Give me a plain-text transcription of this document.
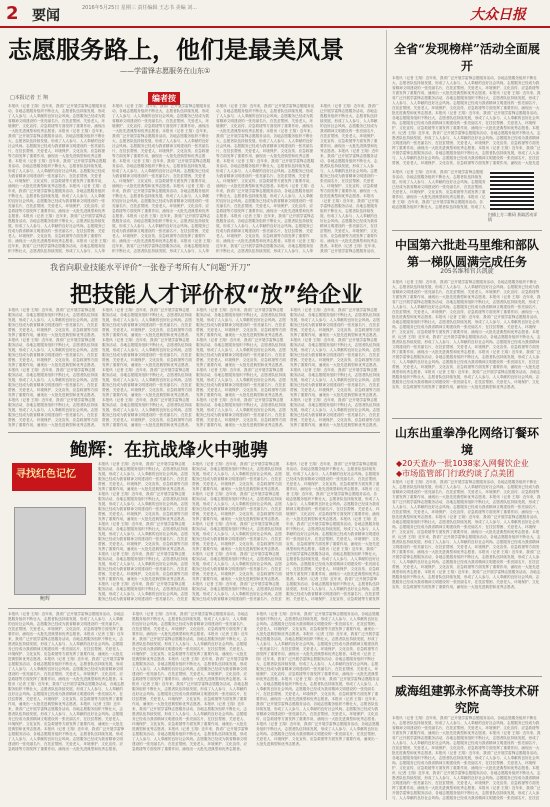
2 要闻	2016年5月25日 星期三 责任编辑 王志书 美编 刘...	大众日报
志愿服务路上，他们是最美风景
——学雷锋志愿服务在山东①
□本报记者 王 翔	编者按
本报讯（记者 王翔）近年来，我省广泛开展学雷锋志愿服务活动，各地志愿服务组织不断壮大，志愿者队伍持续发展，形成了人人参与、人人奉献的良好社会风尚。志愿服务已经成为我省精神文明建设的一张亮丽名片，在扶贫帮困、关爱老人、环境保护、文化宣传、应急救援等方面发挥了重要作用，涌现出一大批先进典型和优秀志愿者。本报讯（记者 王翔）近年来，我省广泛开展学雷锋志愿服务活动，各地志愿服务组织不断壮大，志愿者队伍持续发展，形成了人人参与、人人奉献的良好社会风尚。志愿服务已经成为我省精神文明建设的一张亮丽名片，在扶贫帮困、关爱老人、环境保护、文化宣传、应急救援等方面发挥了重要作用，涌现出一大批先进典型和优秀志愿者。本报讯（记者 王翔）近年来，我省广泛开展学雷锋志愿服务活动，各地志愿服务组织不断壮大，志愿者队伍持续发展，形成了人人参与、人人奉献的良好社会风尚。志愿服务已经成为我省精神文明建设的一张亮丽名片，在扶贫帮困、关爱老人、环境保护、文化宣传、应急救援等方面发挥了重要作用，涌现出一大批先进典型和优秀志愿者。本报讯（记者 王翔）近年来，我省广泛开展学雷锋志愿服务活动，各地志愿服务组织不断壮大，志愿者队伍持续发展，形成了人人参与、人人奉献的良好社会风尚。志愿服务已经成为我省精神文明建设的一张亮丽名片，在扶贫帮困、关爱老人、环境保护、文化宣传、应急救援等方面发挥了重要作用，涌现出一大批先进典型和优秀志愿者。本报讯（记者 王翔）近年来，我省广泛开展学雷锋志愿服务活动，各地志愿服务组织不断壮大，志愿者队伍持续发展，形成了人人参与、人人奉献的良好社会风尚。志愿服务已经成为我省精神文明建设的一张亮丽名片，在扶贫帮困、关爱老人、环境保护、文化宣传、应急救援等方面发挥了重要作用，涌现出一大批先进典型和优秀志愿者。本报讯（记者 王翔）近年来，我省广泛开展学雷锋志愿服务活动，各地志愿服务组织不断壮大，志愿者队伍持续发展，形成了人人参与、人人奉
本报讯（记者 王翔）近年来，我省广泛开展学雷锋志愿服务活动，各地志愿服务组织不断壮大，志愿者队伍持续发展，形成了人人参与、人人奉献的良好社会风尚。志愿服务已经成为我省精神文明建设的一张亮丽名片，在扶贫帮困、关爱老人、环境保护、文化宣传、应急救援等方面发挥了重要作用，涌现出一大批先进典型和优秀志愿者。本报讯（记者 王翔）近年来，我省广泛开展学雷锋志愿服务活动，各地志愿服务组织不断壮大，志愿者队伍持续发展，形成了人人参与、人人奉献的良好社会风尚。志愿服务已经成为我省精神文明建设的一张亮丽名片，在扶贫帮困、关爱老人、环境保护、文化宣传、应急救援等方面发挥了重要作用，涌现出一大批先进典型和优秀志愿者。本报讯（记者 王翔）近年来，我省广泛开展学雷锋志愿服务活动，各地志愿服务组织不断壮大，志愿者队伍持续发展，形成了人人参与、人人奉献的良好社会风尚。志愿服务已经成为我省精神文明建设的一张亮丽名片，在扶贫帮困、关爱老人、环境保护、文化宣传、应急救援等方面发挥了重要作用，涌现出一大批先进典型和优秀志愿者。本报讯（记者 王翔）近年来，我省广泛开展学雷锋志愿服务活动，各地志愿服务组织不断壮大，志愿者队伍持续发展，形成了人人参与、人人奉献的良好社会风尚。志愿服务已经成为我省精神文明建设的一张亮丽名片，在扶贫帮困、关爱老人、环境保护、文化宣传、应急救援等方面发挥了重要作用，涌现出一大批先进典型和优秀志愿者。本报讯（记者 王翔）近年来，我省广泛开展学雷锋志愿服务活动，各地志愿服务组织不断壮大，志愿者队伍持续发展，形成了人人参与、人人奉献的良好社会风尚。志愿服务已经成为我省精神文明建设的一张亮丽名片，在扶贫帮困、关爱老人、环境保护、文化宣传、应急救援等方面发挥了重要作用，涌现出一大批先进典型和优秀志愿者。本报讯（记者 王翔）近年来，我省广泛开展学雷锋志愿服务活动，各地志愿服务组织不断壮大，志愿者队伍持续发展，形成了人人参与、人人奉
本报讯（记者 王翔）近年来，我省广泛开展学雷锋志愿服务活动，各地志愿服务组织不断壮大，志愿者队伍持续发展，形成了人人参与、人人奉献的良好社会风尚。志愿服务已经成为我省精神文明建设的一张亮丽名片，在扶贫帮困、关爱老人、环境保护、文化宣传、应急救援等方面发挥了重要作用，涌现出一大批先进典型和优秀志愿者。本报讯（记者 王翔）近年来，我省广泛开展学雷锋志愿服务活动，各地志愿服务组织不断壮大，志愿者队伍持续发展，形成了人人参与、人人奉献的良好社会风尚。志愿服务已经成为我省精神文明建设的一张亮丽名片，在扶贫帮困、关爱老人、环境保护、文化宣传、应急救援等方面发挥了重要作用，涌现出一大批先进典型和优秀志愿者。本报讯（记者 王翔）近年来，我省广泛开展学雷锋志愿服务活动，各地志愿服务组织不断壮大，志愿者队伍持续发展，形成了人人参与、人人奉献的良好社会风尚。志愿服务已经成为我省精神文明建设的一张亮丽名片，在扶贫帮困、关爱老人、环境保护、文化宣传、应急救援等方面发挥了重要作用，涌现出一大批先进典型和优秀志愿者。本报讯（记者 王翔）近年来，我省广泛开展学雷锋志愿服务活动，各地志愿服务组织不断壮大，志愿者队伍持续发展，形成了人人参与、人人奉献的良好社会风尚。志愿服务已经成为我省精神文明建设的一张亮丽名片，在扶贫帮困、关爱老人、环境保护、文化宣传、应急救援等方面发挥了重要作用，涌现出一大批先进典型和优秀志愿者。本报讯（记者 王翔）近年来，我省广泛开展学雷锋志愿服务活动，各地志愿服务组织不断壮大，志愿者队伍持续发展，形成了人人参与、人人奉献的良好社会风尚。志愿服务已经成为我省精神文明建设的一张亮丽名片，在扶贫帮困、关爱老人、环境保护、文化宣传、应急救援等方面发挥了重要作用，涌现出一大批先进典型和优秀志愿者。本报讯（记者 王翔）近年来，我省广泛开展学雷锋志愿服务活动，各地志愿服务组织不断壮大，志愿者队伍持续发展，形成了人人参与、人人奉
本报讯（记者 王翔）近年来，我省广泛开展学雷锋志愿服务活动，各地志愿服务组织不断壮大，志愿者队伍持续发展，形成了人人参与、人人奉献的良好社会风尚。志愿服务已经成为我省精神文明建设的一张亮丽名片，在扶贫帮困、关爱老人、环境保护、文化宣传、应急救援等方面发挥了重要作用，涌现出一大批先进典型和优秀志愿者。本报讯（记者 王翔）近年来，我省广泛开展学雷锋志愿服务活动，各地志愿服务组织不断壮大，志愿者队伍持续发展，形成了人人参与、人人奉献的良好社会风尚。志愿服务已经成为我省精神文明建设的一张亮丽名片，在扶贫帮困、关爱老人、环境保护、文化宣传、应急救援等方面发挥了重要作用，涌现出一大批先进典型和优秀志愿者。本报讯（记者 王翔）近年来，我省广泛开展学雷锋志愿服务活动，各地志愿服务组织不断壮大，志愿者队伍持续发展，形成了人人参与、人人奉献的良好社会风尚。志愿服务已经成为我省精神文明建设的一张亮丽名片，在扶贫帮困、关爱老人、环境保护、文化宣传、应急救援等方面发挥了重要作用，涌现出一大批先进典型和优秀志愿者。本报讯（记者 王翔）近年来，我省广泛开展学雷锋志愿服务活动，
我省向职业技能水平评价“一张卷子考所有人”问题“开刀”
把技能人才评价权“放”给企业
本报讯（记者 王翔）近年来，我省广泛开展学雷锋志愿服务活动，各地志愿服务组织不断壮大，志愿者队伍持续发展，形成了人人参与、人人奉献的良好社会风尚。志愿服务已经成为我省精神文明建设的一张亮丽名片，在扶贫帮困、关爱老人、环境保护、文化宣传、应急救援等方面发挥了重要作用，涌现出一大批先进典型和优秀志愿者。本报讯（记者 王翔）近年来，我省广泛开展学雷锋志愿服务活动，各地志愿服务组织不断壮大，志愿者队伍持续发展，形成了人人参与、人人奉献的良好社会风尚。志愿服务已经成为我省精神文明建设的一张亮丽名片，在扶贫帮困、关爱老人、环境保护、文化宣传、应急救援等方面发挥了重要作用，涌现出一大批先进典型和优秀志愿者。本报讯（记者 王翔）近年来，我省广泛开展学雷锋志愿服务活动，各地志愿服务组织不断壮大，志愿者队伍持续发展，形成了人人参与、人人奉献的良好社会风尚。志愿服务已经成为我省精神文明建设的一张亮丽名片，在扶贫帮困、关爱老人、环境保护、文化宣传、应急救援等方面发挥了重要作用，涌现出一大批先进典型和优秀志愿者。本报讯（记者 王翔）近年来，我省广泛开展学雷锋志愿服务活动，各地志愿服务组织不断壮大，志愿者队伍持续发展，形成了人人参与、人人奉献的良好社会风尚。志愿服务已经成为我省精神文明建设的一张亮丽名片，在扶贫帮困、关爱老人、环境保护、文化宣传、应急救援等方面发挥了重要作用，涌现出一大批先进典型和优秀志愿者。
本报讯（记者 王翔）近年来，我省广泛开展学雷锋志愿服务活动，各地志愿服务组织不断壮大，志愿者队伍持续发展，形成了人人参与、人人奉献的良好社会风尚。志愿服务已经成为我省精神文明建设的一张亮丽名片，在扶贫帮困、关爱老人、环境保护、文化宣传、应急救援等方面发挥了重要作用，涌现出一大批先进典型和优秀志愿者。本报讯（记者 王翔）近年来，我省广泛开展学雷锋志愿服务活动，各地志愿服务组织不断壮大，志愿者队伍持续发展，形成了人人参与、人人奉献的良好社会风尚。志愿服务已经成为我省精神文明建设的一张亮丽名片，在扶贫帮困、关爱老人、环境保护、文化宣传、应急救援等方面发挥了重要作用，涌现出一大批先进典型和优秀志愿者。本报讯（记者 王翔）近年来，我省广泛开展学雷锋志愿服务活动，各地志愿服务组织不断壮大，志愿者队伍持续发展，形成了人人参与、人人奉献的良好社会风尚。志愿服务已经成为我省精神文明建设的一张亮丽名片，在扶贫帮困、关爱老人、环境保护、文化宣传、应急救援等方面发挥了重要作用，涌现出一大批先进典型和优秀志愿者。本报讯（记者 王翔）近年来，我省广泛开展学雷锋志愿服务活动，各地志愿服务组织不断壮大，志愿者队伍持续发展，形成了人人参与、人人奉献的良好社会风尚。志愿服务已经成为我省精神文明建设的一张亮丽名片，在扶贫帮困、关爱老人、环境保护、文化宣传、应急救援等方面发挥了重要作用，涌现出一大批先进典型和优秀志愿者。
本报讯（记者 王翔）近年来，我省广泛开展学雷锋志愿服务活动，各地志愿服务组织不断壮大，志愿者队伍持续发展，形成了人人参与、人人奉献的良好社会风尚。志愿服务已经成为我省精神文明建设的一张亮丽名片，在扶贫帮困、关爱老人、环境保护、文化宣传、应急救援等方面发挥了重要作用，涌现出一大批先进典型和优秀志愿者。本报讯（记者 王翔）近年来，我省广泛开展学雷锋志愿服务活动，各地志愿服务组织不断壮大，志愿者队伍持续发展，形成了人人参与、人人奉献的良好社会风尚。志愿服务已经成为我省精神文明建设的一张亮丽名片，在扶贫帮困、关爱老人、环境保护、文化宣传、应急救援等方面发挥了重要作用，涌现出一大批先进典型和优秀志愿者。本报讯（记者 王翔）近年来，我省广泛开展学雷锋志愿服务活动，各地志愿服务组织不断壮大，志愿者队伍持续发展，形成了人人参与、人人奉献的良好社会风尚。志愿服务已经成为我省精神文明建设的一张亮丽名片，在扶贫帮困、关爱老人、环境保护、文化宣传、应急救援等方面发挥了重要作用，涌现出一大批先进典型和优秀志愿者。本报讯（记者 王翔）近年来，我省广泛开展学雷锋志愿服务活动，各地志愿服务组织不断壮大，志愿者队伍持续发展，形成了人人参与、人人奉献的良好社会风尚。志愿服务已经成为我省精神文明建设的一张亮丽名片，在扶贫帮困、关爱老人、环境保护、文化宣传、应急救援等方面发挥了重要作用，涌现出一大批先进典型和优秀志愿者。
本报讯（记者 王翔）近年来，我省广泛开展学雷锋志愿服务活动，各地志愿服务组织不断壮大，志愿者队伍持续发展，形成了人人参与、人人奉献的良好社会风尚。志愿服务已经成为我省精神文明建设的一张亮丽名片，在扶贫帮困、关爱老人、环境保护、文化宣传、应急救援等方面发挥了重要作用，涌现出一大批先进典型和优秀志愿者。本报讯（记者 王翔）近年来，我省广泛开展学雷锋志愿服务活动，各地志愿服务组织不断壮大，志愿者队伍持续发展，形成了人人参与、人人奉献的良好社会风尚。志愿服务已经成为我省精神文明建设的一张亮丽名片，在扶贫帮困、关爱老人、环境保护、文化宣传、应急救援等方面发挥了重要作用，涌现出一大批先进典型和优秀志愿者。本报讯（记者 王翔）近年来，我省广泛开展学雷锋志愿服务活动，各地志愿服务组织不断壮大，志愿者队伍持续发展，形成了人人参与、人人奉献的良好社会风尚。志愿服务已经成为我省精神文明建设的一张亮丽名片，在扶贫帮困、关爱老人、环境保护、文化宣传、应急救援等方面发挥了重要作用，涌现出一大批先进典型和优秀志愿者。本报讯（记者 王翔）近年来，我省广泛开展学雷锋志愿服务活动，各地志愿服务组织不断壮大，志愿者队伍持续发展，形成了人人参与、人人奉献的良好社会风尚。志愿服务已经成为我省精神文明建设的一张亮丽名片，在扶贫帮困、关爱老人、环境保护、文化宣传、应急救援等方面发挥了重要作用，涌现出一大批先进典型和优秀志愿者。
鲍辉：在抗战烽火中驰骋
寻找红色记忆
鲍辉
本报讯（记者 王翔）近年来，我省广泛开展学雷锋志愿服务活动，各地志愿服务组织不断壮大，志愿者队伍持续发展，形成了人人参与、人人奉献的良好社会风尚。志愿服务已经成为我省精神文明建设的一张亮丽名片，在扶贫帮困、关爱老人、环境保护、文化宣传、应急救援等方面发挥了重要作用，涌现出一大批先进典型和优秀志愿者。本报讯（记者 王翔）近年来，我省广泛开展学雷锋志愿服务活动，各地志愿服务组织不断壮大，志愿者队伍持续发展，形成了人人参与、人人奉献的良好社会风尚。志愿服务已经成为我省精神文明建设的一张亮丽名片，在扶贫帮困、关爱老人、环境保护、文化宣传、应急救援等方面发挥了重要作用，涌现出一大批先进典型和优秀志愿者。本报讯（记者 王翔）近年来，我省广泛开展学雷锋志愿服务活动，各地志愿服务组织不断壮大，志愿者队伍持续发展，形成了人人参与、人人奉献的良好社会风尚。志愿服务已经成为我省精神文明建设的一张亮丽名片，在扶贫帮困、关爱老人、环境保护、文化宣传、应急救援等方面发挥了重要作用，涌现出一大批先进典型和优秀志愿者。本报讯（记者 王翔）近年来，我省广泛开展学雷锋志愿服务活动，各地志愿服务组织不断壮大，志愿者队伍持续发展，形成了人人参与、人人奉献的良好社会风尚。志愿服务已经成为我省精神文明建设的一张亮丽名片，在扶贫帮困、关爱老人、环境保护、文化宣传、应急救援等方面发挥了重要作用，涌现出一大批先进典型和优秀志愿者。本报讯（记者 王翔）近年来，我省广泛开展学雷锋志愿服务活动，各地志愿服务组织不断壮大，志愿者队伍持续发展，形成了人人参与、人人奉献的良好社会风尚。志愿服务已经成为我省精神文明建设的一张亮丽名片，在扶贫
本报讯（记者 王翔）近年来，我省广泛开展学雷锋志愿服务活动，各地志愿服务组织不断壮大，志愿者队伍持续发展，形成了人人参与、人人奉献的良好社会风尚。志愿服务已经成为我省精神文明建设的一张亮丽名片，在扶贫帮困、关爱老人、环境保护、文化宣传、应急救援等方面发挥了重要作用，涌现出一大批先进典型和优秀志愿者。本报讯（记者 王翔）近年来，我省广泛开展学雷锋志愿服务活动，各地志愿服务组织不断壮大，志愿者队伍持续发展，形成了人人参与、人人奉献的良好社会风尚。志愿服务已经成为我省精神文明建设的一张亮丽名片，在扶贫帮困、关爱老人、环境保护、文化宣传、应急救援等方面发挥了重要作用，涌现出一大批先进典型和优秀志愿者。本报讯（记者 王翔）近年来，我省广泛开展学雷锋志愿服务活动，各地志愿服务组织不断壮大，志愿者队伍持续发展，形成了人人参与、人人奉献的良好社会风尚。志愿服务已经成为我省精神文明建设的一张亮丽名片，在扶贫帮困、关爱老人、环境保护、文化宣传、应急救援等方面发挥了重要作用，涌现出一大批先进典型和优秀志愿者。本报讯（记者 王翔）近年来，我省广泛开展学雷锋志愿服务活动，各地志愿服务组织不断壮大，志愿者队伍持续发展，形成了人人参与、人人奉献的良好社会风尚。志愿服务已经成为我省精神文明建设的一张亮丽名片，在扶贫帮困、关爱老人、环境保护、文化宣传、应急救援等方面发挥了重要作用，涌现出一大批先进典型和优秀志愿者。本报讯（记者 王翔）近年来，我省广泛开展学雷锋志愿服务活动，各地志愿服务组织不断壮大，志愿者队伍持续发展，形成了人人参与、人人奉献的良好社会风尚。志愿服务已经成为我省精神文明建设的一张亮丽名片，在扶贫
本报讯（记者 王翔）近年来，我省广泛开展学雷锋志愿服务活动，各地志愿服务组织不断壮大，志愿者队伍持续发展，形成了人人参与、人人奉献的良好社会风尚。志愿服务已经成为我省精神文明建设的一张亮丽名片，在扶贫帮困、关爱老人、环境保护、文化宣传、应急救援等方面发挥了重要作用，涌现出一大批先进典型和优秀志愿者。本报讯（记者 王翔）近年来，我省广泛开展学雷锋志愿服务活动，各地志愿服务组织不断壮大，志愿者队伍持续发展，形成了人人参与、人人奉献的良好社会风尚。志愿服务已经成为我省精神文明建设的一张亮丽名片，在扶贫帮困、关爱老人、环境保护、文化宣传、应急救援等方面发挥了重要作用，涌现出一大批先进典型和优秀志愿者。本报讯（记者 王翔）近年来，我省广泛开展学雷锋志愿服务活动，各地志愿服务组织不断壮大，志愿者队伍持续发展，形成了人人参与、人人奉献的良好社会风尚。志愿服务已经成为我省精神文明建设的一张亮丽名片，在扶贫帮困、关爱老人、环境保护、文化宣传、应急救援等方面发挥了重要作用，涌现出一大批先进典型和优秀志愿者。本报讯（记者 王翔）近年来，我省广泛开展学雷锋志愿服务活动，各地志愿服务组织不断壮大，志愿者队伍持续发展，形成了人人参与、人人奉献的良好社会风尚。志愿服务已经成为我省精神文明建设的一张亮丽名片，在扶贫帮困、关爱老人、环境保护、文化宣传、应急救援等方面发挥了重要作用，涌现出一大批先进典型和优秀志愿者。本报讯（记者 王翔）近年来，我省广泛开展学雷锋志愿服务活动，各地志愿服务组织不断壮大，志愿者队伍持续发展，形成了人人参与、人人奉献的良好社会风尚。志愿服务已经成为我省精神文明建设的一张亮丽名片，在扶贫帮困、关爱老人、环境保护、文化宣传、应急救援等方面发挥
本报讯（记者 王翔）近年来，我省广泛开展学雷锋志愿服务活动，各地志愿服务组织不断壮大，志愿者队伍持续发展，形成了人人参与、人人奉献的良好社会风尚。志愿服务已经成为我省精神文明建设的一张亮丽名片，在扶贫帮困、关爱老人、环境保护、文化宣传、应急救援等方面发挥了重要作用，涌现出一大批先进典型和优秀志愿者。本报讯（记者 王翔）近年来，我省广泛开展学雷锋志愿服务活动，各地志愿服务组织不断壮大，志愿者队伍持续发展，形成了人人参与、人人奉献的良好社会风尚。志愿服务已经成为我省精神文明建设的一张亮丽名片，在扶贫帮困、关爱老人、环境保护、文化宣传、应急救援等方面发挥了重要作用，涌现出一大批先进典型和优秀志愿者。本报讯（记者 王翔）近年来，我省广泛开展学雷锋志愿服务活动，各地志愿服务组织不断壮大，志愿者队伍持续发展，形成了人人参与、人人奉献的良好社会风尚。志愿服务已经成为我省精神文明建设的一张亮丽名片，在扶贫帮困、关爱老人、环境保护、文化宣传、应急救援等方面发挥了重要作用，涌现出一大批先进典型和优秀志愿者。本报讯（记者 王翔）近年来，我省广泛开展学雷锋志愿服务活动，各地志愿服务组织不断壮大，志愿者队伍持续发展，形成了人人参与、人人奉献的良好社会风尚。志愿服务已经成为我省精神文明建设的一张亮丽名片，在扶贫帮困、关爱老人、环境保护、文化宣传、应急救援等方面发挥了重要作用，涌现出一大批先进典型和优秀志愿者。本报讯（记者 王翔）近年来，我省广泛开展学雷锋志愿服务活动，各地志愿服务组织不断壮大，志愿者队伍持续发展，形成了人人参与、人人奉献的良好社会风尚。志愿服务已经成为我省精神文明建设的一张亮丽名片，在扶贫帮困、关爱老人、环境保护、文化宣传、应急救援等方面发挥了重要作用，涌现出一大批先进典型和优秀志愿者。本报讯（记者 王翔）近年来，我省广泛开展学雷锋志愿服务活动，各地志愿服务组织不断壮大，志愿者队伍持续发展，形成了人人参与、人人奉献的良好社会风尚。志愿服务已经成为我省精神文明建设的一张亮丽名片，在扶贫帮困、关爱老人、环境保护、文化宣传、应急救援等方面发挥了重要作用，涌现出一大批先进典型和优秀志愿者。
本报讯（记者 王翔）近年来，我省广泛开展学雷锋志愿服务活动，各地志愿服务组织不断壮大，志愿者队伍持续发展，形成了人人参与、人人奉献的良好社会风尚。志愿服务已经成为我省精神文明建设的一张亮丽名片，在扶贫帮困、关爱老人、环境保护、文化宣传、应急救援等方面发挥了重要作用，涌现出一大批先进典型和优秀志愿者。本报讯（记者 王翔）近年来，我省广泛开展学雷锋志愿服务活动，各地志愿服务组织不断壮大，志愿者队伍持续发展，形成了人人参与、人人奉献的良好社会风尚。志愿服务已经成为我省精神文明建设的一张亮丽名片，在扶贫帮困、关爱老人、环境保护、文化宣传、应急救援等方面发挥了重要作用，涌现出一大批先进典型和优秀志愿者。本报讯（记者 王翔）近年来，我省广泛开展学雷锋志愿服务活动，各地志愿服务组织不断壮大，志愿者队伍持续发展，形成了人人参与、人人奉献的良好社会风尚。志愿服务已经成为我省精神文明建设的一张亮丽名片，在扶贫帮困、关爱老人、环境保护、文化宣传、应急救援等方面发挥了重要作用，涌现出一大批先进典型和优秀志愿者。本报讯（记者 王翔）近年来，我省广泛开展学雷锋志愿服务活动，各地志愿服务组织不断壮大，志愿者队伍持续发展，形成了人人参与、人人奉献的良好社会风尚。志愿服务已经成为我省精神文明建设的一张亮丽名片，在扶贫帮困、关爱老人、环境保护、文化宣传、应急救援等方面发挥了重要作用，涌现出一大批先进典型和优秀志愿者。本报讯（记者 王翔）近年来，我省广泛开展学雷锋志愿服务活动，各地志愿服务组织不断壮大，志愿者队伍持续发展，形成了人人参与、人人奉献的良好社会风尚。志愿服务已经成为我省精神文明建设的一张亮丽名片，在扶贫帮困、关爱老人、环境保护、文化宣传、应急救援等方面发挥了重要作用，涌现出一大批先进典型和优秀志愿者。本报讯（记者 王翔）近年来，我省广泛开展学雷锋志愿服务活动，各地志愿服务组织不断壮大，志愿者队伍持续发展，形成了人人参与、人人奉献的良好社会风尚。志愿服务已经成为我省精神文明建设的一张亮丽名片，在扶贫帮困、关爱老人、环境保护、文化宣传、应急救援等方面发挥了重要作用，涌现出一大批先进典型和优秀志愿者。
本报讯（记者 王翔）近年来，我省广泛开展学雷锋志愿服务活动，各地志愿服务组织不断壮大，志愿者队伍持续发展，形成了人人参与、人人奉献的良好社会风尚。志愿服务已经成为我省精神文明建设的一张亮丽名片，在扶贫帮困、关爱老人、环境保护、文化宣传、应急救援等方面发挥了重要作用，涌现出一大批先进典型和优秀志愿者。本报讯（记者 王翔）近年来，我省广泛开展学雷锋志愿服务活动，各地志愿服务组织不断壮大，志愿者队伍持续发展，形成了人人参与、人人奉献的良好社会风尚。志愿服务已经成为我省精神文明建设的一张亮丽名片，在扶贫帮困、关爱老人、环境保护、文化宣传、应急救援等方面发挥了重要作用，涌现出一大批先进典型和优秀志愿者。本报讯（记者 王翔）近年来，我省广泛开展学雷锋志愿服务活动，各地志愿服务组织不断壮大，志愿者队伍持续发展，形成了人人参与、人人奉献的良好社会风尚。志愿服务已经成为我省精神文明建设的一张亮丽名片，在扶贫帮困、关爱老人、环境保护、文化宣传、应急救援等方面发挥了重要作用，涌现出一大批先进典型和优秀志愿者。本报讯（记者 王翔）近年来，我省广泛开展学雷锋志愿服务活动，各地志愿服务组织不断壮大，志愿者队伍持续发展，形成了人人参与、人人奉献的良好社会风尚。志愿服务已经成为我省精神文明建设的一张亮丽名片，在扶贫帮困、关爱老人、环境保护、文化宣传、应急救援等方面发挥了重要作用，涌现出一大批先进典型和优秀志愿者。本报讯（记者 王翔）近年来，我省广泛开展学雷锋志愿服务活动，各地志愿服务组织不断壮大，志愿者队伍持续发展，形成了人人参与、人人奉献的良好社会风尚。志愿服务已经成为我省精神文明建设的一张亮丽名片，在扶贫帮困、关爱老人、环境保护、文化宣传、应急救援等方面发挥了重要作用，涌现出一大批先进典型和优秀志愿者。本报讯（记者 王翔）近年来，我省广泛开展学雷锋志愿服务活动，各地志愿服务组织不断壮大，志愿者队伍持续发展，形成了人人参与、人人奉献的良好社会风尚。志愿服务已经成为我省精神文明建设的一张亮丽名片，在扶贫帮困、关爱老人、环境保护、文化宣传、应急救援等方面发挥了重要作用，涌现出一大批先进典型和优秀志愿者。
全省“发现榜样”活动全面展开
本报讯（记者 王翔）近年来，我省广泛开展学雷锋志愿服务活动，各地志愿服务组织不断壮大，志愿者队伍持续发展，形成了人人参与、人人奉献的良好社会风尚。志愿服务已经成为我省精神文明建设的一张亮丽名片，在扶贫帮困、关爱老人、环境保护、文化宣传、应急救援等方面发挥了重要作用，涌现出一大批先进典型和优秀志愿者。本报讯（记者 王翔）近年来，我省广泛开展学雷锋志愿服务活动，各地志愿服务组织不断壮大，志愿者队伍持续发展，形成了人人参与、人人奉献的良好社会风尚。志愿服务已经成为我省精神文明建设的一张亮丽名片，在扶贫帮困、关爱老人、环境保护、文化宣传、应急救援等方面发挥了重要作用，涌现出一大批先进典型和优秀志愿者。本报讯（记者 王翔）近年来，我省广泛开展学雷锋志愿服务活动，各地志愿服务组织不断壮大，志愿者队伍持续发展，形成了人人参与、人人奉献的良好社会风尚。志愿服务已经成为我省精神文明建设的一张亮丽名片，在扶贫帮困、关爱老人、环境保护、文化宣传、应急救援等方面发挥了重要作用，涌现出一大批先进典型和优秀志愿者。本报讯（记者 王翔）近年来，我省广泛开展学雷锋志愿服务活动，各地志愿服务组织不断壮大，志愿者队伍持续发展，形成了人人参与、人人奉献的良好社会风尚。志愿服务已经成为我省精神文明建设的一张亮丽名片，在扶贫帮困、关爱老人、环境保护、文化宣传、应急救援等方面发挥了重要作用，涌现出一大批先进典型和优秀志愿者。本报讯（记者 王翔）近年来，我省广泛开展学雷锋志愿服务活动，各地志愿服务组织不断壮大，志愿者队伍持续发展，形成了人人参与、人人奉献的良好社会风尚。志愿服务已经成为我省精神文明建设的一张亮丽名片，在扶贫帮困、关爱老人、环境保护、文化宣传、应急救援等方面发挥了重要作用，涌现出一大批先进
本报讯（记者 王翔）近年来，我省广泛开展学雷锋志愿服务活动，各地志愿服务组织不断壮大，志愿者队伍持续发展，形成了人人参与、人人奉献的良好社会风尚。志愿服务已经成为我省精神文明建设的一张亮丽名片，在扶贫帮困、关爱老人、环境保护、文化宣传、应急救援等方面发挥了重要作用，涌现出一大批先进典型和优秀志愿者。本报讯（记者 王翔）近年来，我省广泛开展学雷锋志愿服务活动，各地志愿服务组织不断壮大，志愿者队伍持续发展，形成了人
扫描上方二维码 获取活动详情
中国第六批赴马里维和部队第一梯队圆满完成任务
205名维和官兵凯旋
本报讯（记者 王翔）近年来，我省广泛开展学雷锋志愿服务活动，各地志愿服务组织不断壮大，志愿者队伍持续发展，形成了人人参与、人人奉献的良好社会风尚。志愿服务已经成为我省精神文明建设的一张亮丽名片，在扶贫帮困、关爱老人、环境保护、文化宣传、应急救援等方面发挥了重要作用，涌现出一大批先进典型和优秀志愿者。本报讯（记者 王翔）近年来，我省广泛开展学雷锋志愿服务活动，各地志愿服务组织不断壮大，志愿者队伍持续发展，形成了人人参与、人人奉献的良好社会风尚。志愿服务已经成为我省精神文明建设的一张亮丽名片，在扶贫帮困、关爱老人、环境保护、文化宣传、应急救援等方面发挥了重要作用，涌现出一大批先进典型和优秀志愿者。本报讯（记者 王翔）近年来，我省广泛开展学雷锋志愿服务活动，各地志愿服务组织不断壮大，志愿者队伍持续发展，形成了人人参与、人人奉献的良好社会风尚。志愿服务已经成为我省精神文明建设的一张亮丽名片，在扶贫帮困、关爱老人、环境保护、文化宣传、应急救援等方面发挥了重要作用，涌现出一大批先进典型和优秀志愿者。本报讯（记者 王翔）近年来，我省广泛开展学雷锋志愿服务活动，各地志愿服务组织不断壮大，志愿者队伍持续发展，形成了人人参与、人人奉献的良好社会风尚。志愿服务已经成为我省精神文明建设的一张亮丽名片，在扶贫帮困、关爱老人、环境保护、文化宣传、应急救援等方面发挥了重要作用，涌现出一大批先进典型和优秀志愿者。本报讯（记者 王翔）近年来，我省广泛开展学雷锋志愿服务活动，各地志愿服务组织不断壮大，志愿者队伍持续发展，形成了人人参与、人人奉献的良好社会风尚。志愿服务已经成为我省精神文明建设的一张亮丽名片，在扶贫帮困、关爱老人、环境保护、文化宣传、应急救援等方面发挥了重要作用，涌现出一大批先进典型和优秀志愿者。本报讯（记者 王翔）近年来，我省广泛开展学雷锋志愿服务活动，各地志愿服务组织不断壮大，志愿者队伍持续发展，形成了人人参与、人人奉献的良好社会风尚。志愿服务已经成为我省精神文明建设的一张亮丽名片，在扶贫帮困、关爱老人、环境保护、文化宣传、应急救援等方面发挥了重要作用，涌现出一大批先进典型和优秀志愿者。
山东出重拳净化网络订餐环境
◆20天查办一批1038家入网餐饮企业
◆市场监管部门行政约谈了点美团
本报讯（记者 王翔）近年来，我省广泛开展学雷锋志愿服务活动，各地志愿服务组织不断壮大，志愿者队伍持续发展，形成了人人参与、人人奉献的良好社会风尚。志愿服务已经成为我省精神文明建设的一张亮丽名片，在扶贫帮困、关爱老人、环境保护、文化宣传、应急救援等方面发挥了重要作用，涌现出一大批先进典型和优秀志愿者。本报讯（记者 王翔）近年来，我省广泛开展学雷锋志愿服务活动，各地志愿服务组织不断壮大，志愿者队伍持续发展，形成了人人参与、人人奉献的良好社会风尚。志愿服务已经成为我省精神文明建设的一张亮丽名片，在扶贫帮困、关爱老人、环境保护、文化宣传、应急救援等方面发挥了重要作用，涌现出一大批先进典型和优秀志愿者。本报讯（记者 王翔）近年来，我省广泛开展学雷锋志愿服务活动，各地志愿服务组织不断壮大，志愿者队伍持续发展，形成了人人参与、人人奉献的良好社会风尚。志愿服务已经成为我省精神文明建设的一张亮丽名片，在扶贫帮困、关爱老人、环境保护、文化宣传、应急救援等方面发挥了重要作用，涌现出一大批先进典型和优秀志愿者。本报讯（记者 王翔）近年来，我省广泛开展学雷锋志愿服务活动，各地志愿服务组织不断壮大，志愿者队伍持续发展，形成了人人参与、人人奉献的良好社会风尚。志愿服务已经成为我省精神文明建设的一张亮丽名片，在扶贫帮困、关爱老人、环境保护、文化宣传、应急救援等方面发挥了重要作用，涌现出一大批先进典型和优秀志愿者。本报讯（记者 王翔）近年来，我省广泛开展学雷锋志愿服务活动，各地志愿服务组织不断壮大，志愿者队伍持续发展，形成了人人参与、人人奉献的良好社会风尚。志愿服务已经成为我省精神文明建设的一张亮丽名片，在扶贫帮困、关爱老人、环境保护、文化宣传、应急救援等方面发挥了重要作用，涌现出一大批先进典型和优秀志愿者。本报讯（记者 王翔）近年来，我省广泛开展学雷锋志愿服务活动，各地志愿服务组织不断壮大，志愿者队伍持续发展，形成了人人参与、人人奉献的良好社会风尚。志愿服务已经成为我省精神文明建设的一张亮丽名片，在扶贫帮困、关爱老人、环境保护、文化宣传、应急救援等方面发挥了重要作用，涌现出一大批先进典型和优秀志愿者。
威海组建郭永怀高等技术研究院
本报讯（记者 王翔）近年来，我省广泛开展学雷锋志愿服务活动，各地志愿服务组织不断壮大，志愿者队伍持续发展，形成了人人参与、人人奉献的良好社会风尚。志愿服务已经成为我省精神文明建设的一张亮丽名片，在扶贫帮困、关爱老人、环境保护、文化宣传、应急救援等方面发挥了重要作用，涌现出一大批先进典型和优秀志愿者。本报讯（记者 王翔）近年来，我省广泛开展学雷锋志愿服务活动，各地志愿服务组织不断壮大，志愿者队伍持续发展，形成了人人参与、人人奉献的良好社会风尚。志愿服务已经成为我省精神文明建设的一张亮丽名片，在扶贫帮困、关爱老人、环境保护、文化宣传、应急救援等方面发挥了重要作用，涌现出一大批先进典型和优秀志愿者。本报讯（记者 王翔）近年来，我省广泛开展学雷锋志愿服务活动，各地志愿服务组织不断壮大，志愿者队伍持续发展，形成了人人参与、人人奉献的良好社会风尚。志愿服务已经成为我省精神文明建设的一张亮丽名片，在扶贫帮困、关爱老人、环境保护、文化宣传、应急救援等方面发挥了重要作用，涌现出一大批先进典型和优秀志愿者。本报讯（记者 王翔）近年来，我省广泛开展学雷锋志愿服务活动，各地志愿服务组织不断壮大，志愿者队伍持续发展，形成了人人参与、人人奉献的良好社会风尚。志愿服务已经成为我省精神文明建设的一张亮丽名片，在扶贫帮困、关爱老人、环境保护、文化宣传、应急救援等方面发挥了重要作用，涌现出一大批先进典型和优秀志愿者。本报讯（记者 王翔）近年来，我省广泛开展学雷锋志愿服务活动，各地志愿服务组织不断壮大，志愿者队伍持续发展，形成了人人参与、人人奉献的良好社会风尚。志愿服务已经成为我省精神文明建设的一张亮丽名片，在扶贫
